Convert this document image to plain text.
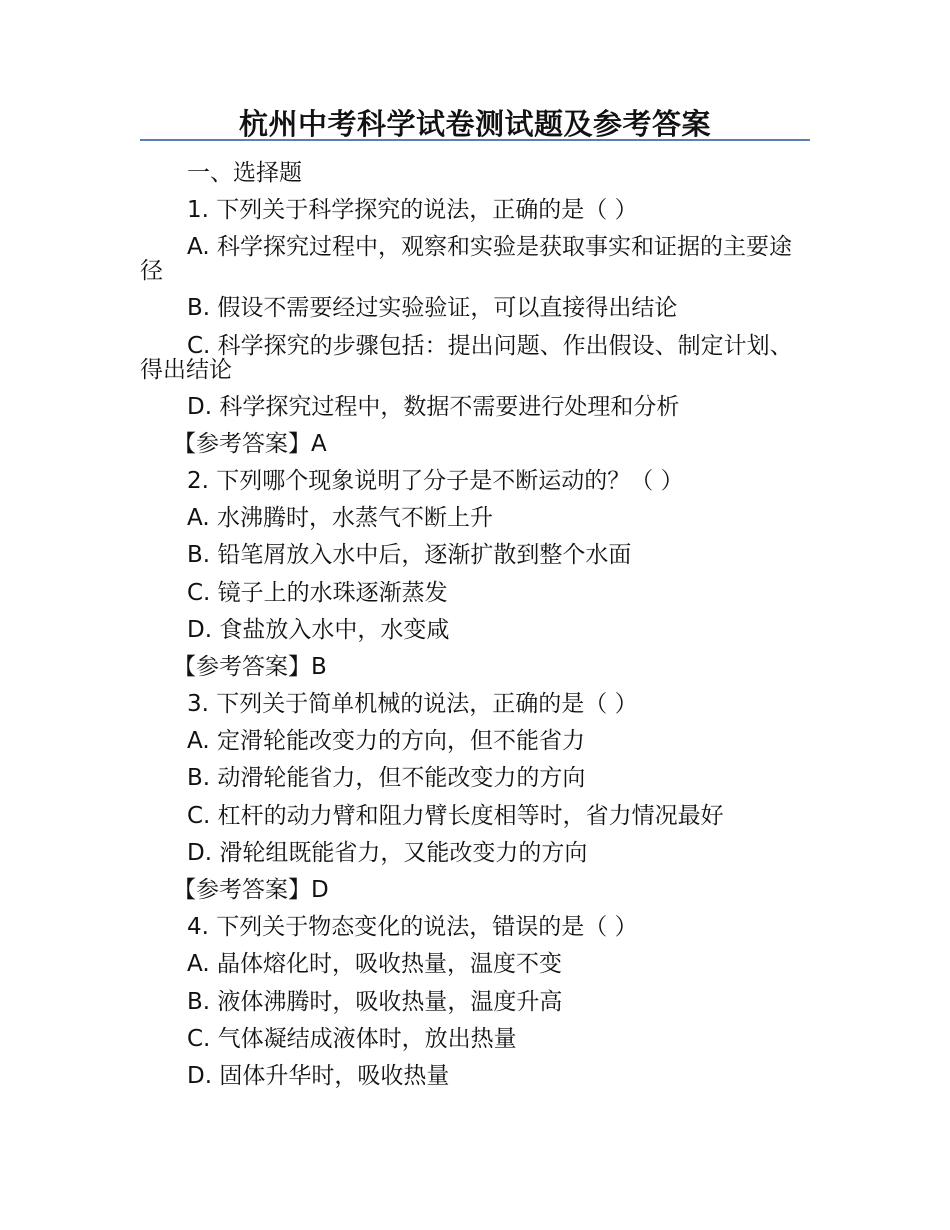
杭州中考科学试卷测试题及参考答案
一、选择题
1. 下列关于科学探究的说法，正确的是（ ）
A. 科学探究过程中，观察和实验是获取事实和证据的主要途径
B. 假设不需要经过实验验证，可以直接得出结论
C. 科学探究的步骤包括：提出问题、作出假设、制定计划、得出结论
D. 科学探究过程中，数据不需要进行处理和分析
【参考答案】A
2. 下列哪个现象说明了分子是不断运动的？（ ）
A. 水沸腾时，水蒸气不断上升
B. 铅笔屑放入水中后，逐渐扩散到整个水面
C. 镜子上的水珠逐渐蒸发
D. 食盐放入水中，水变咸
【参考答案】B
3. 下列关于简单机械的说法，正确的是（ ）
A. 定滑轮能改变力的方向，但不能省力
B. 动滑轮能省力，但不能改变力的方向
C. 杠杆的动力臂和阻力臂长度相等时，省力情况最好
D. 滑轮组既能省力，又能改变力的方向
【参考答案】D
4. 下列关于物态变化的说法，错误的是（ ）
A. 晶体熔化时，吸收热量，温度不变
B. 液体沸腾时，吸收热量，温度升高
C. 气体凝结成液体时，放出热量
D. 固体升华时，吸收热量
